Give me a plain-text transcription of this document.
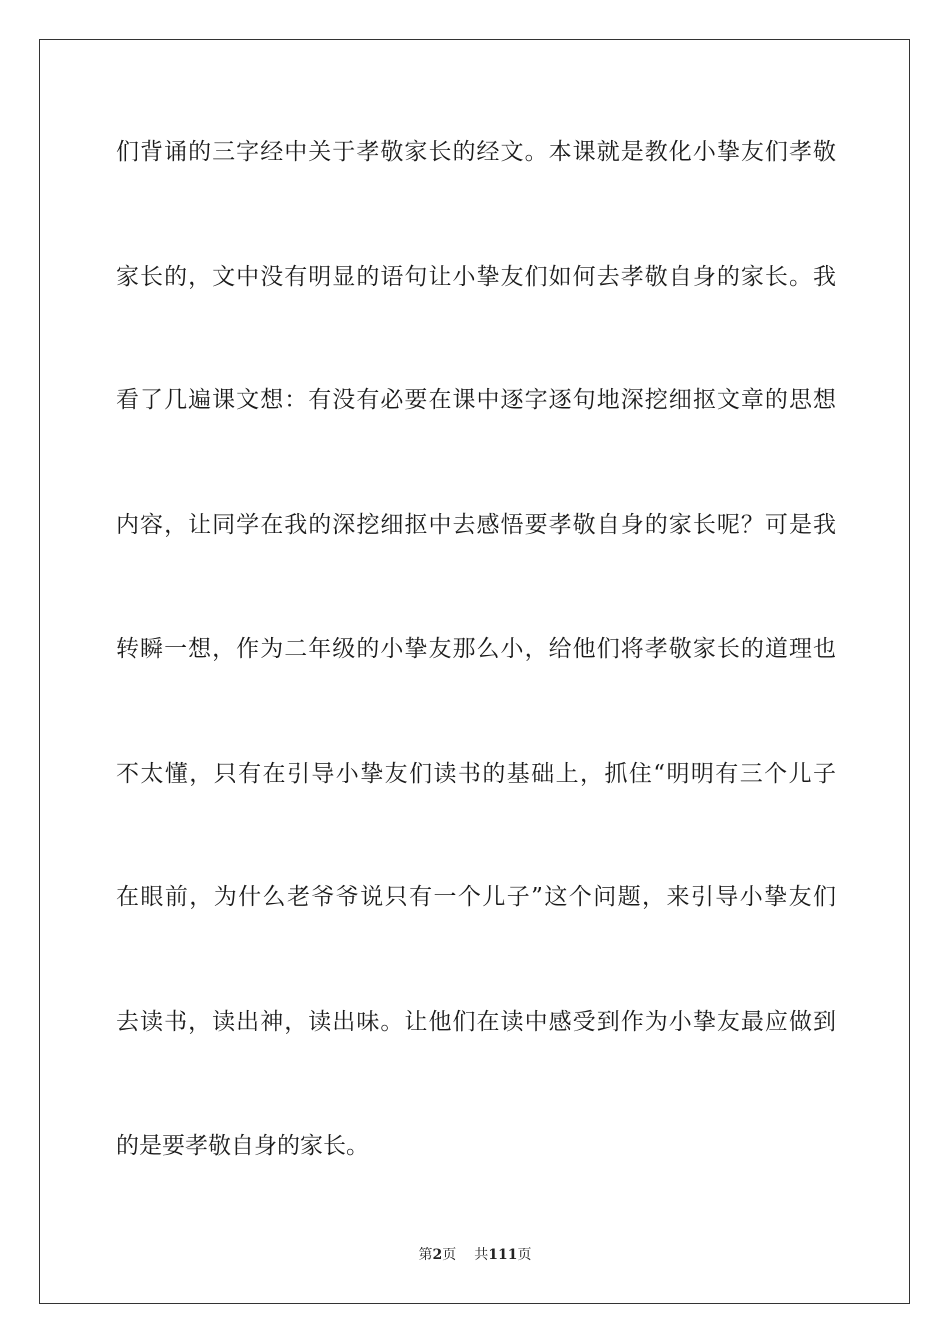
们背诵的三字经中关于孝敬家长的经文。本课就是教化小挚友们孝敬
家长的，文中没有明显的语句让小挚友们如何去孝敬自身的家长。我
看了几遍课文想：有没有必要在课中逐字逐句地深挖细抠文章的思想
内容，让同学在我的深挖细抠中去感悟要孝敬自身的家长呢？可是我
转瞬一想，作为二年级的小挚友那么小，给他们将孝敬家长的道理也
不太懂，只有在引导小挚友们读书的基础上，抓住“明明有三个儿子
在眼前，为什么老爷爷说只有一个儿子”这个问题，来引导小挚友们
去读书，读出神，读出味。让他们在读中感受到作为小挚友最应做到
的是要孝敬自身的家长。
第2页 共111页
